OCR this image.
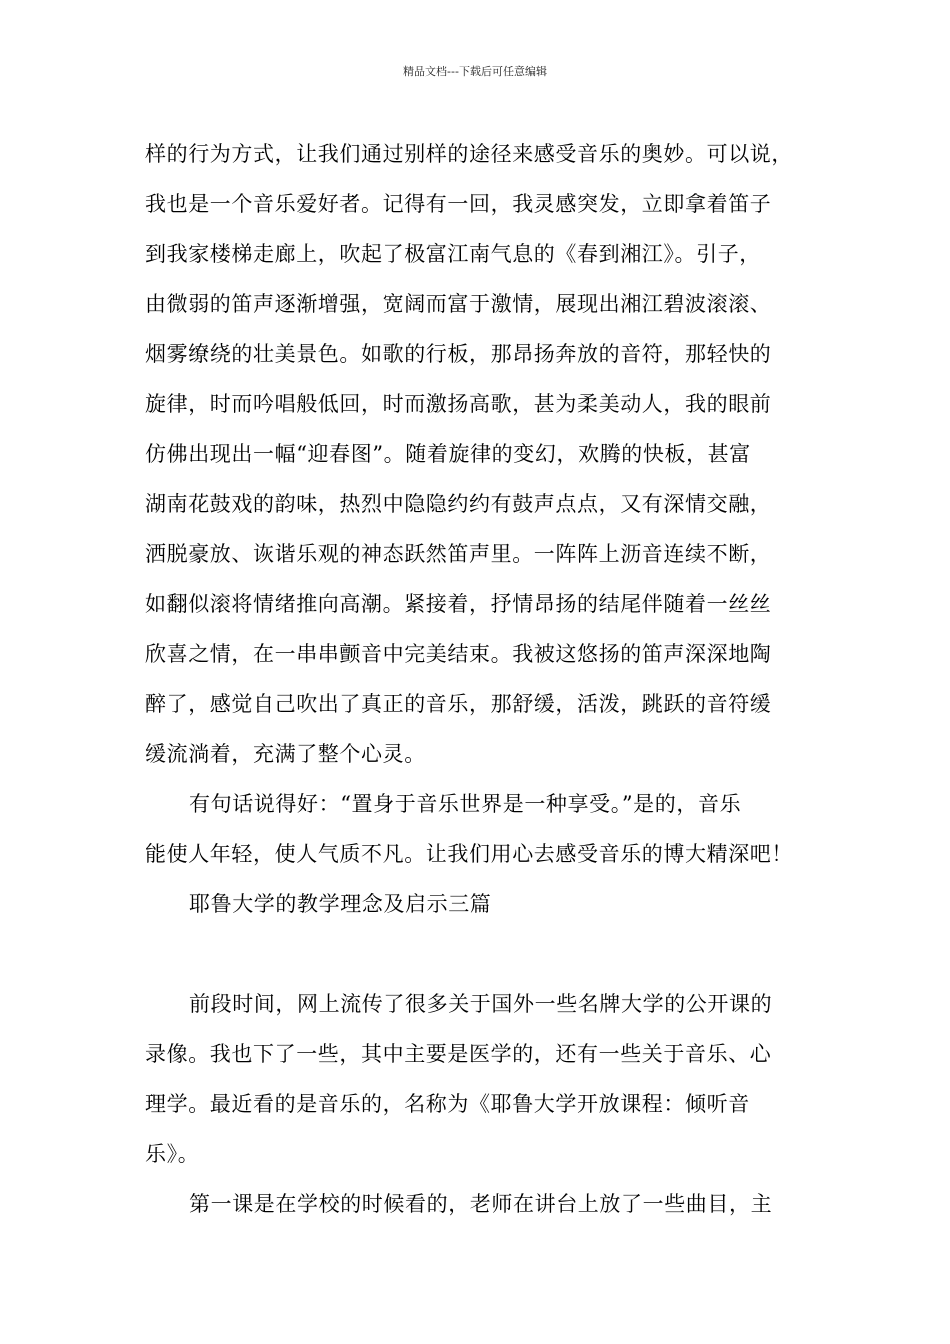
精品文档---下载后可任意编辑
样的行为方式，让我们通过别样的途径来感受音乐的奥妙。可以说，
我也是一个音乐爱好者。记得有一回，我灵感突发，立即拿着笛子
到我家楼梯走廊上，吹起了极富江南气息的《春到湘江》。引子，
由微弱的笛声逐渐增强，宽阔而富于激情，展现出湘江碧波滚滚、
烟雾缭绕的壮美景色。如歌的行板，那昂扬奔放的音符，那轻快的
旋律，时而吟唱般低回，时而激扬高歌，甚为柔美动人，我的眼前
仿佛出现出一幅“迎春图”。随着旋律的变幻，欢腾的快板，甚富
湖南花鼓戏的韵味，热烈中隐隐约约有鼓声点点，又有深情交融，
洒脱豪放、诙谐乐观的神态跃然笛声里。一阵阵上沥音连续不断，
如翻似滚将情绪推向高潮。紧接着，抒情昂扬的结尾伴随着一丝丝
欣喜之情，在一串串颤音中完美结束。我被这悠扬的笛声深深地陶
醉了，感觉自己吹出了真正的音乐，那舒缓，活泼，跳跃的音符缓
缓流淌着，充满了整个心灵。
有句话说得好：“置身于音乐世界是一种享受。”是的，音乐
能使人年轻，使人气质不凡。让我们用心去感受音乐的博大精深吧！
耶鲁大学的教学理念及启示三篇
前段时间，网上流传了很多关于国外一些名牌大学的公开课的
录像。我也下了一些，其中主要是医学的，还有一些关于音乐、心
理学。最近看的是音乐的，名称为《耶鲁大学开放课程：倾听音
乐》。
第一课是在学校的时候看的，老师在讲台上放了一些曲目，主
